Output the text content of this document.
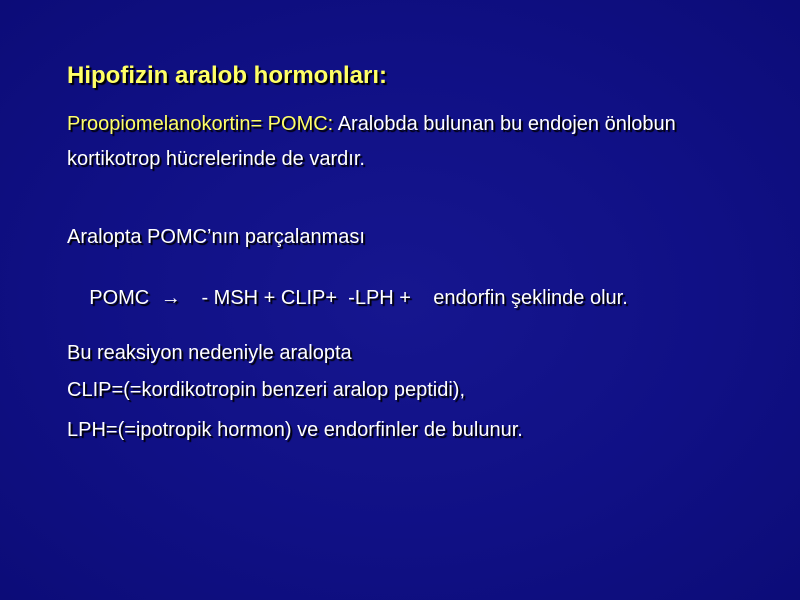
Hipofizin aralob hormonları:
Proopiomelanokortin= POMC: Aralobda bulunan bu endojen önlobun
kortikotrop hücrelerinde de vardır.
Aralopta POMC’nın parçalanması

POMC →   - MSH + CLIP+  -LPH +    endorfin şeklinde olur.

Bu reaksiyon nedeniyle aralopta
CLIP=(=kordikotropin benzeri aralop peptidi),
LPH=(=ipotropik hormon) ve endorfinler de bulunur.
